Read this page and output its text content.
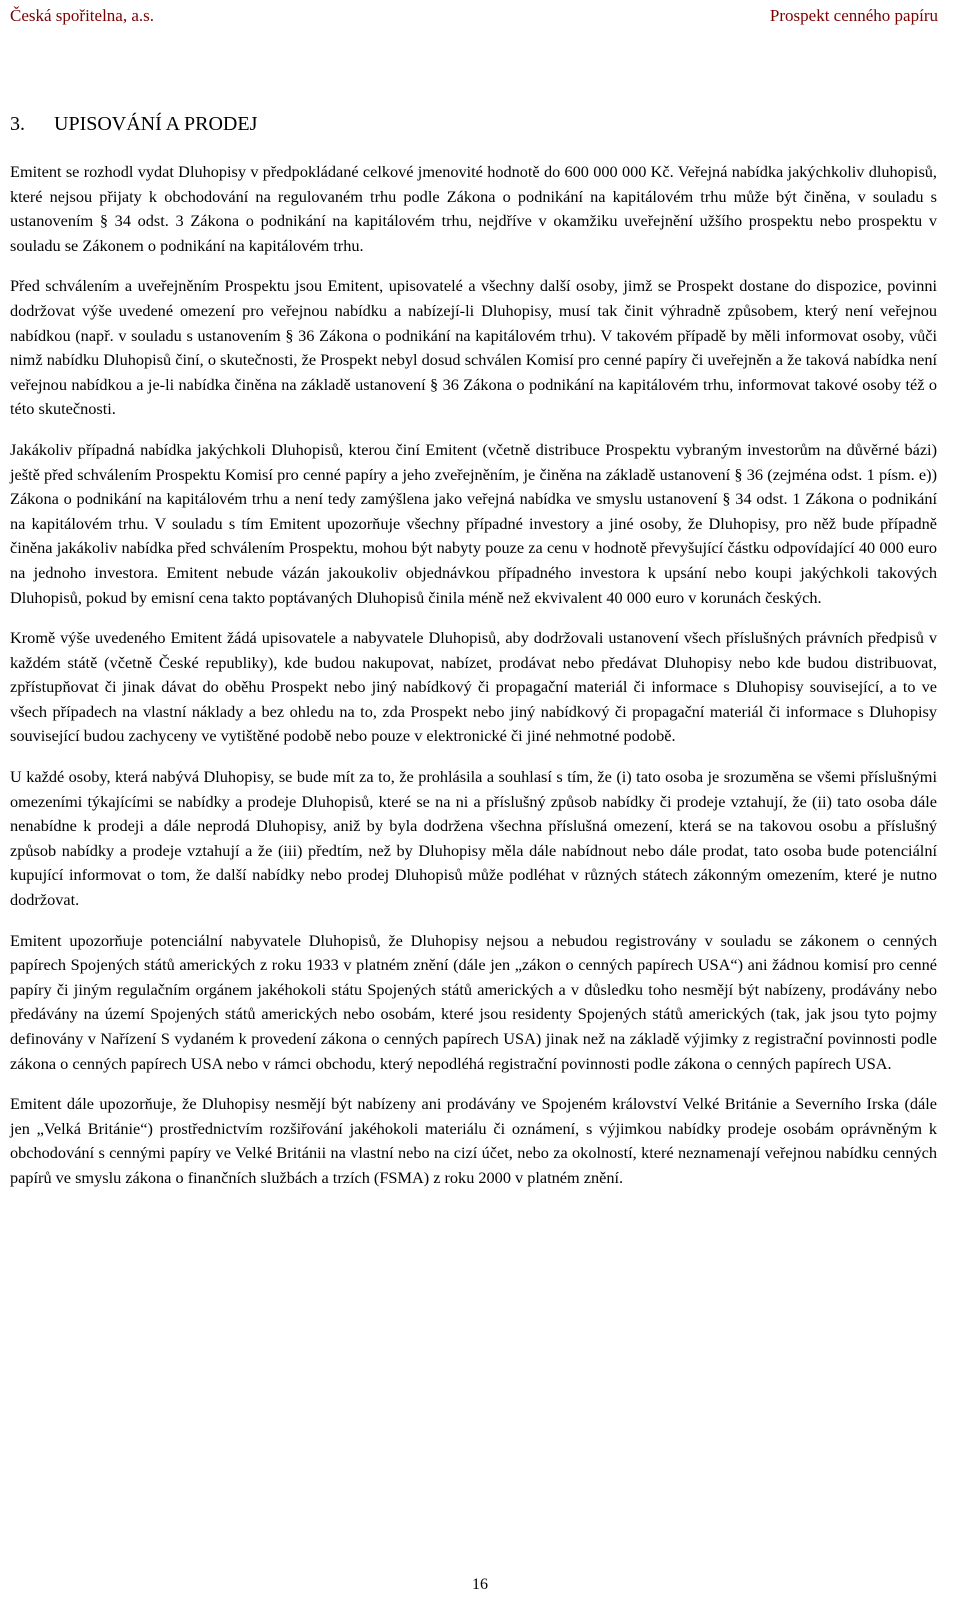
Česká spořitelna, a.s.	Prospekt cenného papíru
3. UPISOVÁNÍ A PRODEJ

Emitent se rozhodl vydat Dluhopisy v předpokládané celkové jmenovité hodnotě do 600 000 000 Kč. Veřejná nabídka jakýchkoliv dluhopisů, které nejsou přijaty k obchodování na regulovaném trhu podle Zákona o podnikání na kapitálovém trhu může být činěna, v souladu s ustanovením § 34 odst. 3 Zákona o podnikání na kapitálovém trhu, nejdříve v okamžiku uveřejnění užšího prospektu nebo prospektu v souladu se Zákonem o podnikání na kapitálovém trhu.

Před schválením a uveřejněním Prospektu jsou Emitent, upisovatelé a všechny další osoby, jimž se Prospekt dostane do dispozice, povinni dodržovat výše uvedené omezení pro veřejnou nabídku a nabízejí-li Dluhopisy, musí tak činit výhradně způsobem, který není veřejnou nabídkou (např. v souladu s ustanovením § 36 Zákona o podnikání na kapitálovém trhu). V takovém případě by měli informovat osoby, vůči nimž nabídku Dluhopisů činí, o skutečnosti, že Prospekt nebyl dosud schválen Komisí pro cenné papíry či uveřejněn a že taková nabídka není veřejnou nabídkou a je-li nabídka činěna na základě ustanovení § 36 Zákona o podnikání na kapitálovém trhu, informovat takové osoby též o této skutečnosti.

Jakákoliv případná nabídka jakýchkoli Dluhopisů, kterou činí Emitent (včetně distribuce Prospektu vybraným investorům na důvěrné bázi) ještě před schválením Prospektu Komisí pro cenné papíry a jeho zveřejněním, je činěna na základě ustanovení § 36 (zejména odst. 1 písm. e)) Zákona o podnikání na kapitálovém trhu a není tedy zamýšlena jako veřejná nabídka ve smyslu ustanovení § 34 odst. 1 Zákona o podnikání na kapitálovém trhu. V souladu s tím Emitent upozorňuje všechny případné investory a jiné osoby, že Dluhopisy, pro něž bude případně činěna jakákoliv nabídka před schválením Prospektu, mohou být nabyty pouze za cenu v hodnotě převyšující částku odpovídající 40 000 euro na jednoho investora. Emitent nebude vázán jakoukoliv objednávkou případného investora k upsání nebo koupi jakýchkoli takových Dluhopisů, pokud by emisní cena takto poptávaných Dluhopisů činila méně než ekvivalent 40 000 euro v korunách českých.

Kromě výše uvedeného Emitent žádá upisovatele a nabyvatele Dluhopisů, aby dodržovali ustanovení všech příslušných právních předpisů v každém státě (včetně České republiky), kde budou nakupovat, nabízet, prodávat nebo předávat Dluhopisy nebo kde budou distribuovat, zpřístupňovat či jinak dávat do oběhu Prospekt nebo jiný nabídkový či propagační materiál či informace s Dluhopisy související, a to ve všech případech na vlastní náklady a bez ohledu na to, zda Prospekt nebo jiný nabídkový či propagační materiál či informace s Dluhopisy související budou zachyceny ve vytištěné podobě nebo pouze v elektronické či jiné nehmotné podobě.

U každé osoby, která nabývá Dluhopisy, se bude mít za to, že prohlásila a souhlasí s tím, že (i) tato osoba je srozuměna se všemi příslušnými omezeními týkajícími se nabídky a prodeje Dluhopisů, které se na ni a příslušný způsob nabídky či prodeje vztahují, že (ii) tato osoba dále nenabídne k prodeji a dále neprodá Dluhopisy, aniž by byla dodržena všechna příslušná omezení, která se na takovou osobu a příslušný způsob nabídky a prodeje vztahují a že (iii) předtím, než by Dluhopisy měla dále nabídnout nebo dále prodat, tato osoba bude potenciální kupující informovat o tom, že další nabídky nebo prodej Dluhopisů může podléhat v různých státech zákonným omezením, které je nutno dodržovat.

Emitent upozorňuje potenciální nabyvatele Dluhopisů, že Dluhopisy nejsou a nebudou registrovány v souladu se zákonem o cenných papírech Spojených států amerických z roku 1933 v platném znění (dále jen „zákon o cenných papírech USA“) ani žádnou komisí pro cenné papíry či jiným regulačním orgánem jakéhokoli státu Spojených států amerických a v důsledku toho nesmějí být nabízeny, prodávány nebo předávány na území Spojených států amerických nebo osobám, které jsou residenty Spojených států amerických (tak, jak jsou tyto pojmy definovány v Nařízení S vydaném k provedení zákona o cenných papírech USA) jinak než na základě výjimky z registrační povinnosti podle zákona o cenných papírech USA nebo v rámci obchodu, který nepodléhá registrační povinnosti podle zákona o cenných papírech USA.

Emitent dále upozorňuje, že Dluhopisy nesmějí být nabízeny ani prodávány ve Spojeném království Velké Británie a Severního Irska (dále jen „Velká Británie“) prostřednictvím rozšiřování jakéhokoli materiálu či oznámení, s výjimkou nabídky prodeje osobám oprávněným k obchodování s cennými papíry ve Velké Británii na vlastní nebo na cizí účet, nebo za okolností, které neznamenají veřejnou nabídku cenných papírů ve smyslu zákona o finančních službách a trzích (FSMA) z roku 2000 v platném znění.

16
